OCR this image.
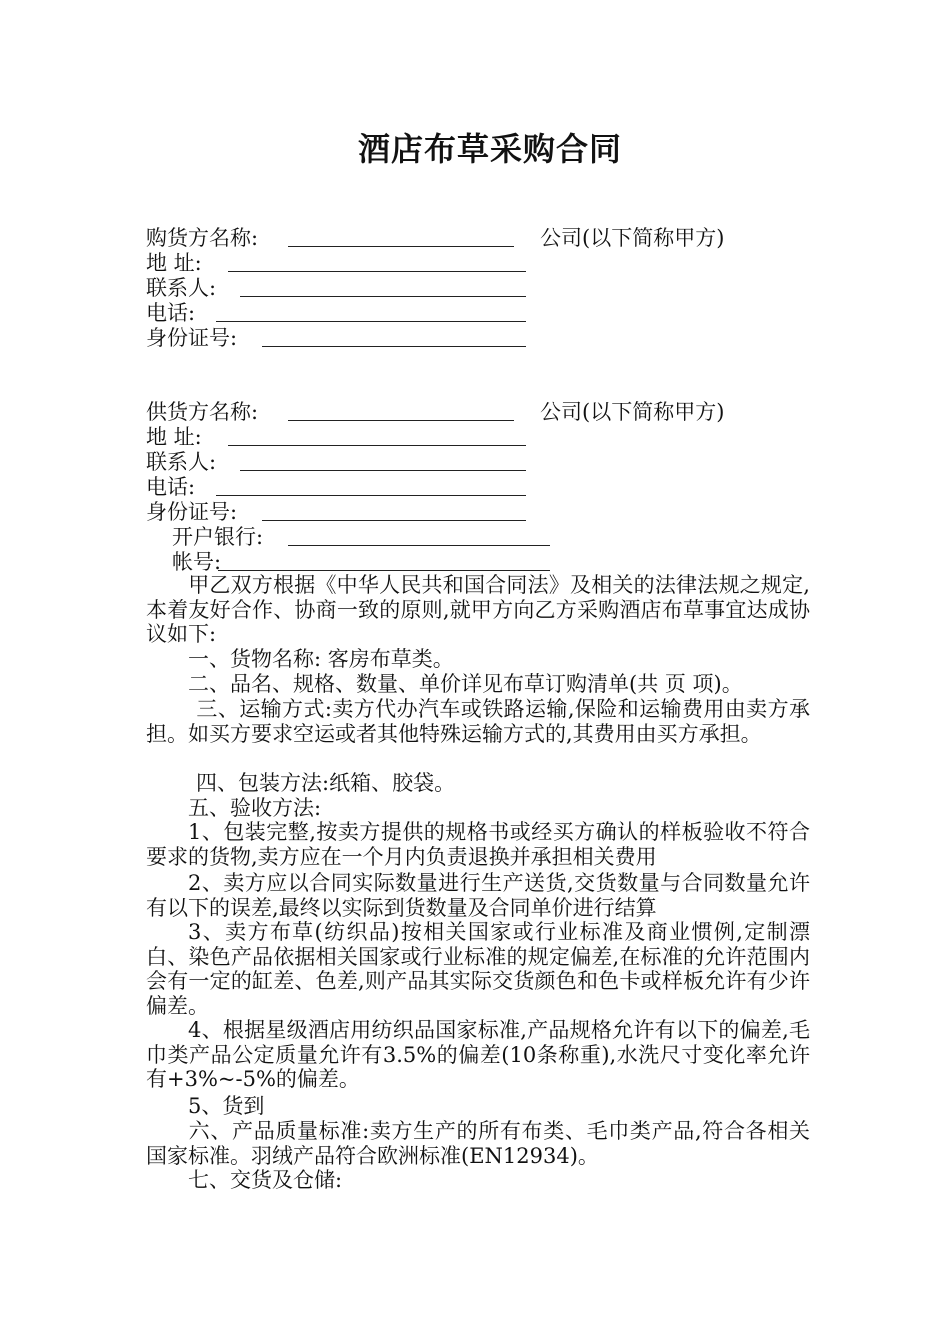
酒店布草采购合同
购货方名称:	公司(以下简称甲方)
地 址:
联系人:
电话:
身份证号:
供货方名称:	公司(以下简称甲方)
地 址:
联系人:
电话:
身份证号:
开户银行:
帐号:
甲乙双方根据《中华人民共和国合同法》及相关的法律法规之规定,本着友好合作、协商一致的原则,就甲方向乙方采购酒店布草事宜达成协议如下:
一、货物名称: 客房布草类。
二、品名、规格、数量、单价详见布草订购清单(共 页 项)。
三、运输方式:卖方代办汽车或铁路运输,保险和运输费用由卖方承担。如买方要求空运或者其他特殊运输方式的,其费用由买方承担。
四、包装方法:纸箱、胶袋。
五、验收方法:
1、包装完整,按卖方提供的规格书或经买方确认的样板验收不符合要求的货物,卖方应在一个月内负责退换并承担相关费用
2、卖方应以合同实际数量进行生产送货,交货数量与合同数量允许有以下的误差,最终以实际到货数量及合同单价进行结算
3、卖方布草(纺织品)按相关国家或行业标准及商业惯例,定制漂白、染色产品依据相关国家或行业标准的规定偏差,在标准的允许范围内会有一定的缸差、色差,则产品其实际交货颜色和色卡或样板允许有少许偏差。
4、根据星级酒店用纺织品国家标准,产品规格允许有以下的偏差,毛巾类产品公定质量允许有3.5%的偏差(10条称重),水洗尺寸变化率允许有+3%~-5%的偏差。
5、货到
六、产品质量标准:卖方生产的所有布类、毛巾类产品,符合各相关国家标准。羽绒产品符合欧洲标准(EN12934)。
七、交货及仓储:
